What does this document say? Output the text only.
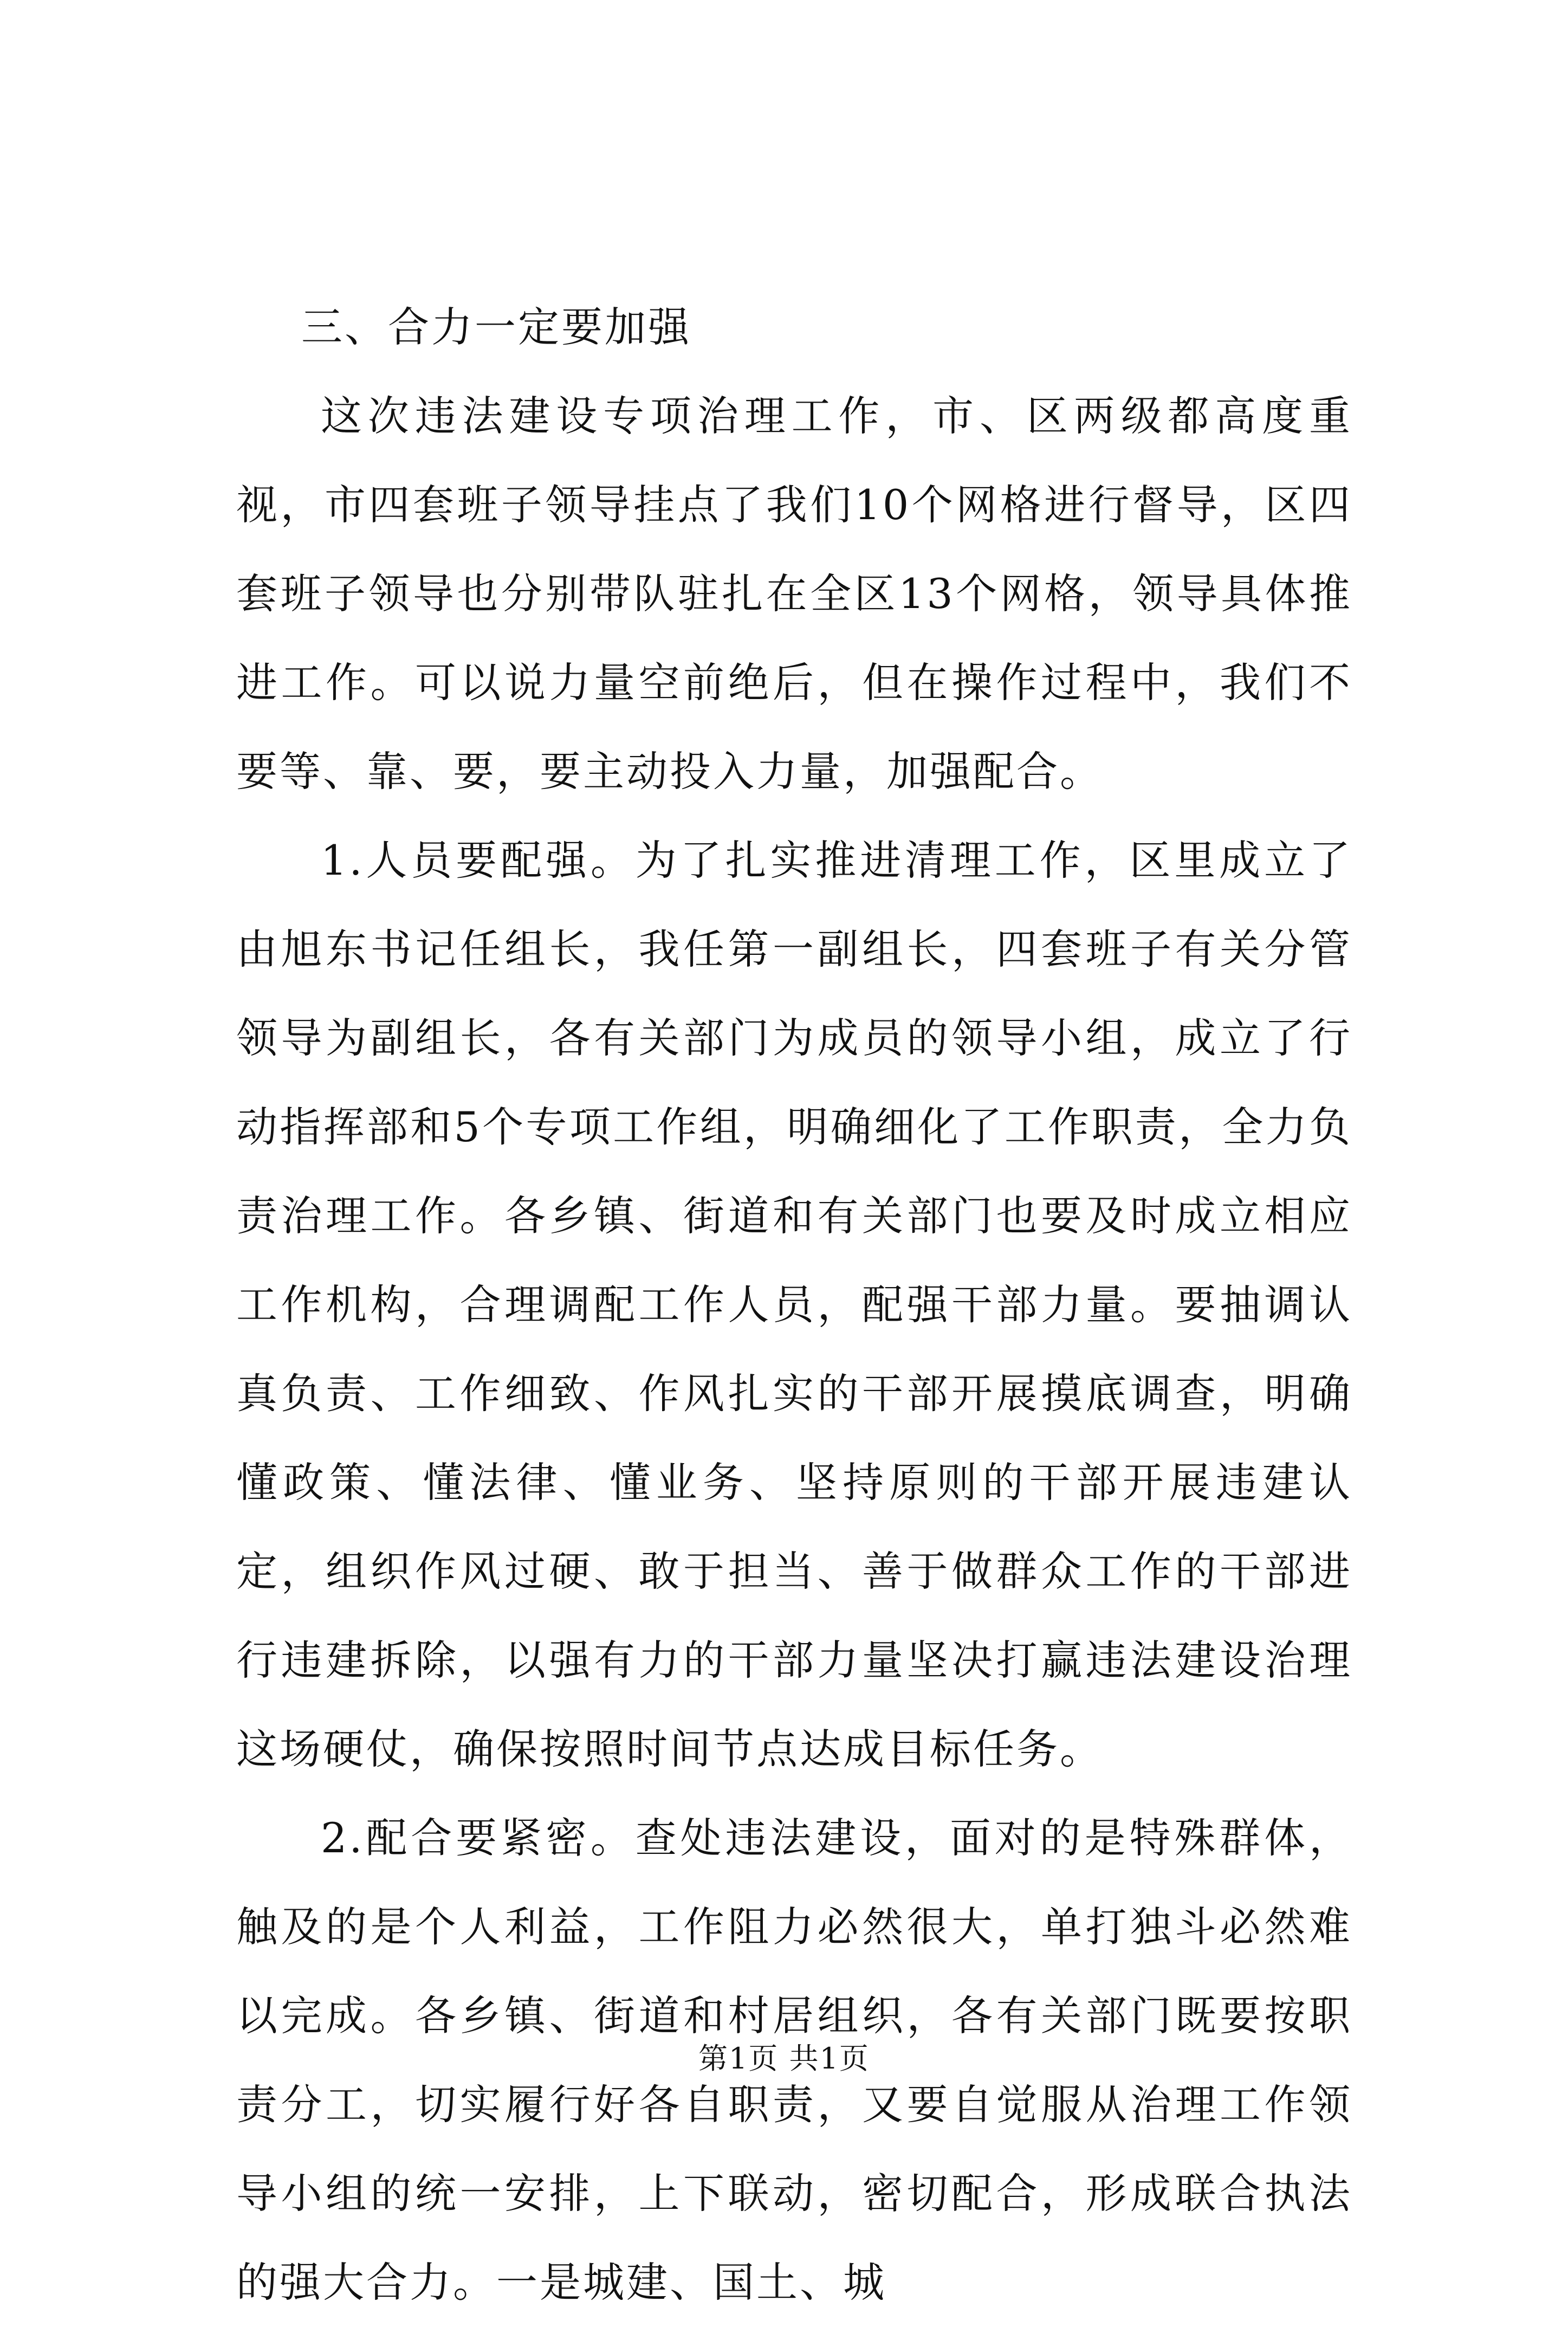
三、合力一定要加强

这次违法建设专项治理工作，市、区两级都高度重视，市四套班子领导挂点了我们10个网格进行督导，区四套班子领导也分别带队驻扎在全区13个网格，领导具体推进工作。可以说力量空前绝后，但在操作过程中，我们不要等、靠、要，要主动投入力量，加强配合。

1.人员要配强。为了扎实推进清理工作，区里成立了由旭东书记任组长，我任第一副组长，四套班子有关分管领导为副组长，各有关部门为成员的领导小组，成立了行动指挥部和5个专项工作组，明确细化了工作职责，全力负责治理工作。各乡镇、街道和有关部门也要及时成立相应工作机构，合理调配工作人员，配强干部力量。要抽调认真负责、工作细致、作风扎实的干部开展摸底调查，明确懂政策、懂法律、懂业务、坚持原则的干部开展违建认定，组织作风过硬、敢于担当、善于做群众工作的干部进行违建拆除，以强有力的干部力量坚决打赢违法建设治理这场硬仗，确保按照时间节点达成目标任务。

2.配合要紧密。查处违法建设，面对的是特殊群体，触及的是个人利益，工作阻力必然很大，单打独斗必然难以完成。各乡镇、街道和村居组织，各有关部门既要按职责分工，切实履行好各自职责，又要自觉服从治理工作领导小组的统一安排，上下联动，密切配合，形成联合执法的强大合力。一是城建、国土、城

第1页 共1页
